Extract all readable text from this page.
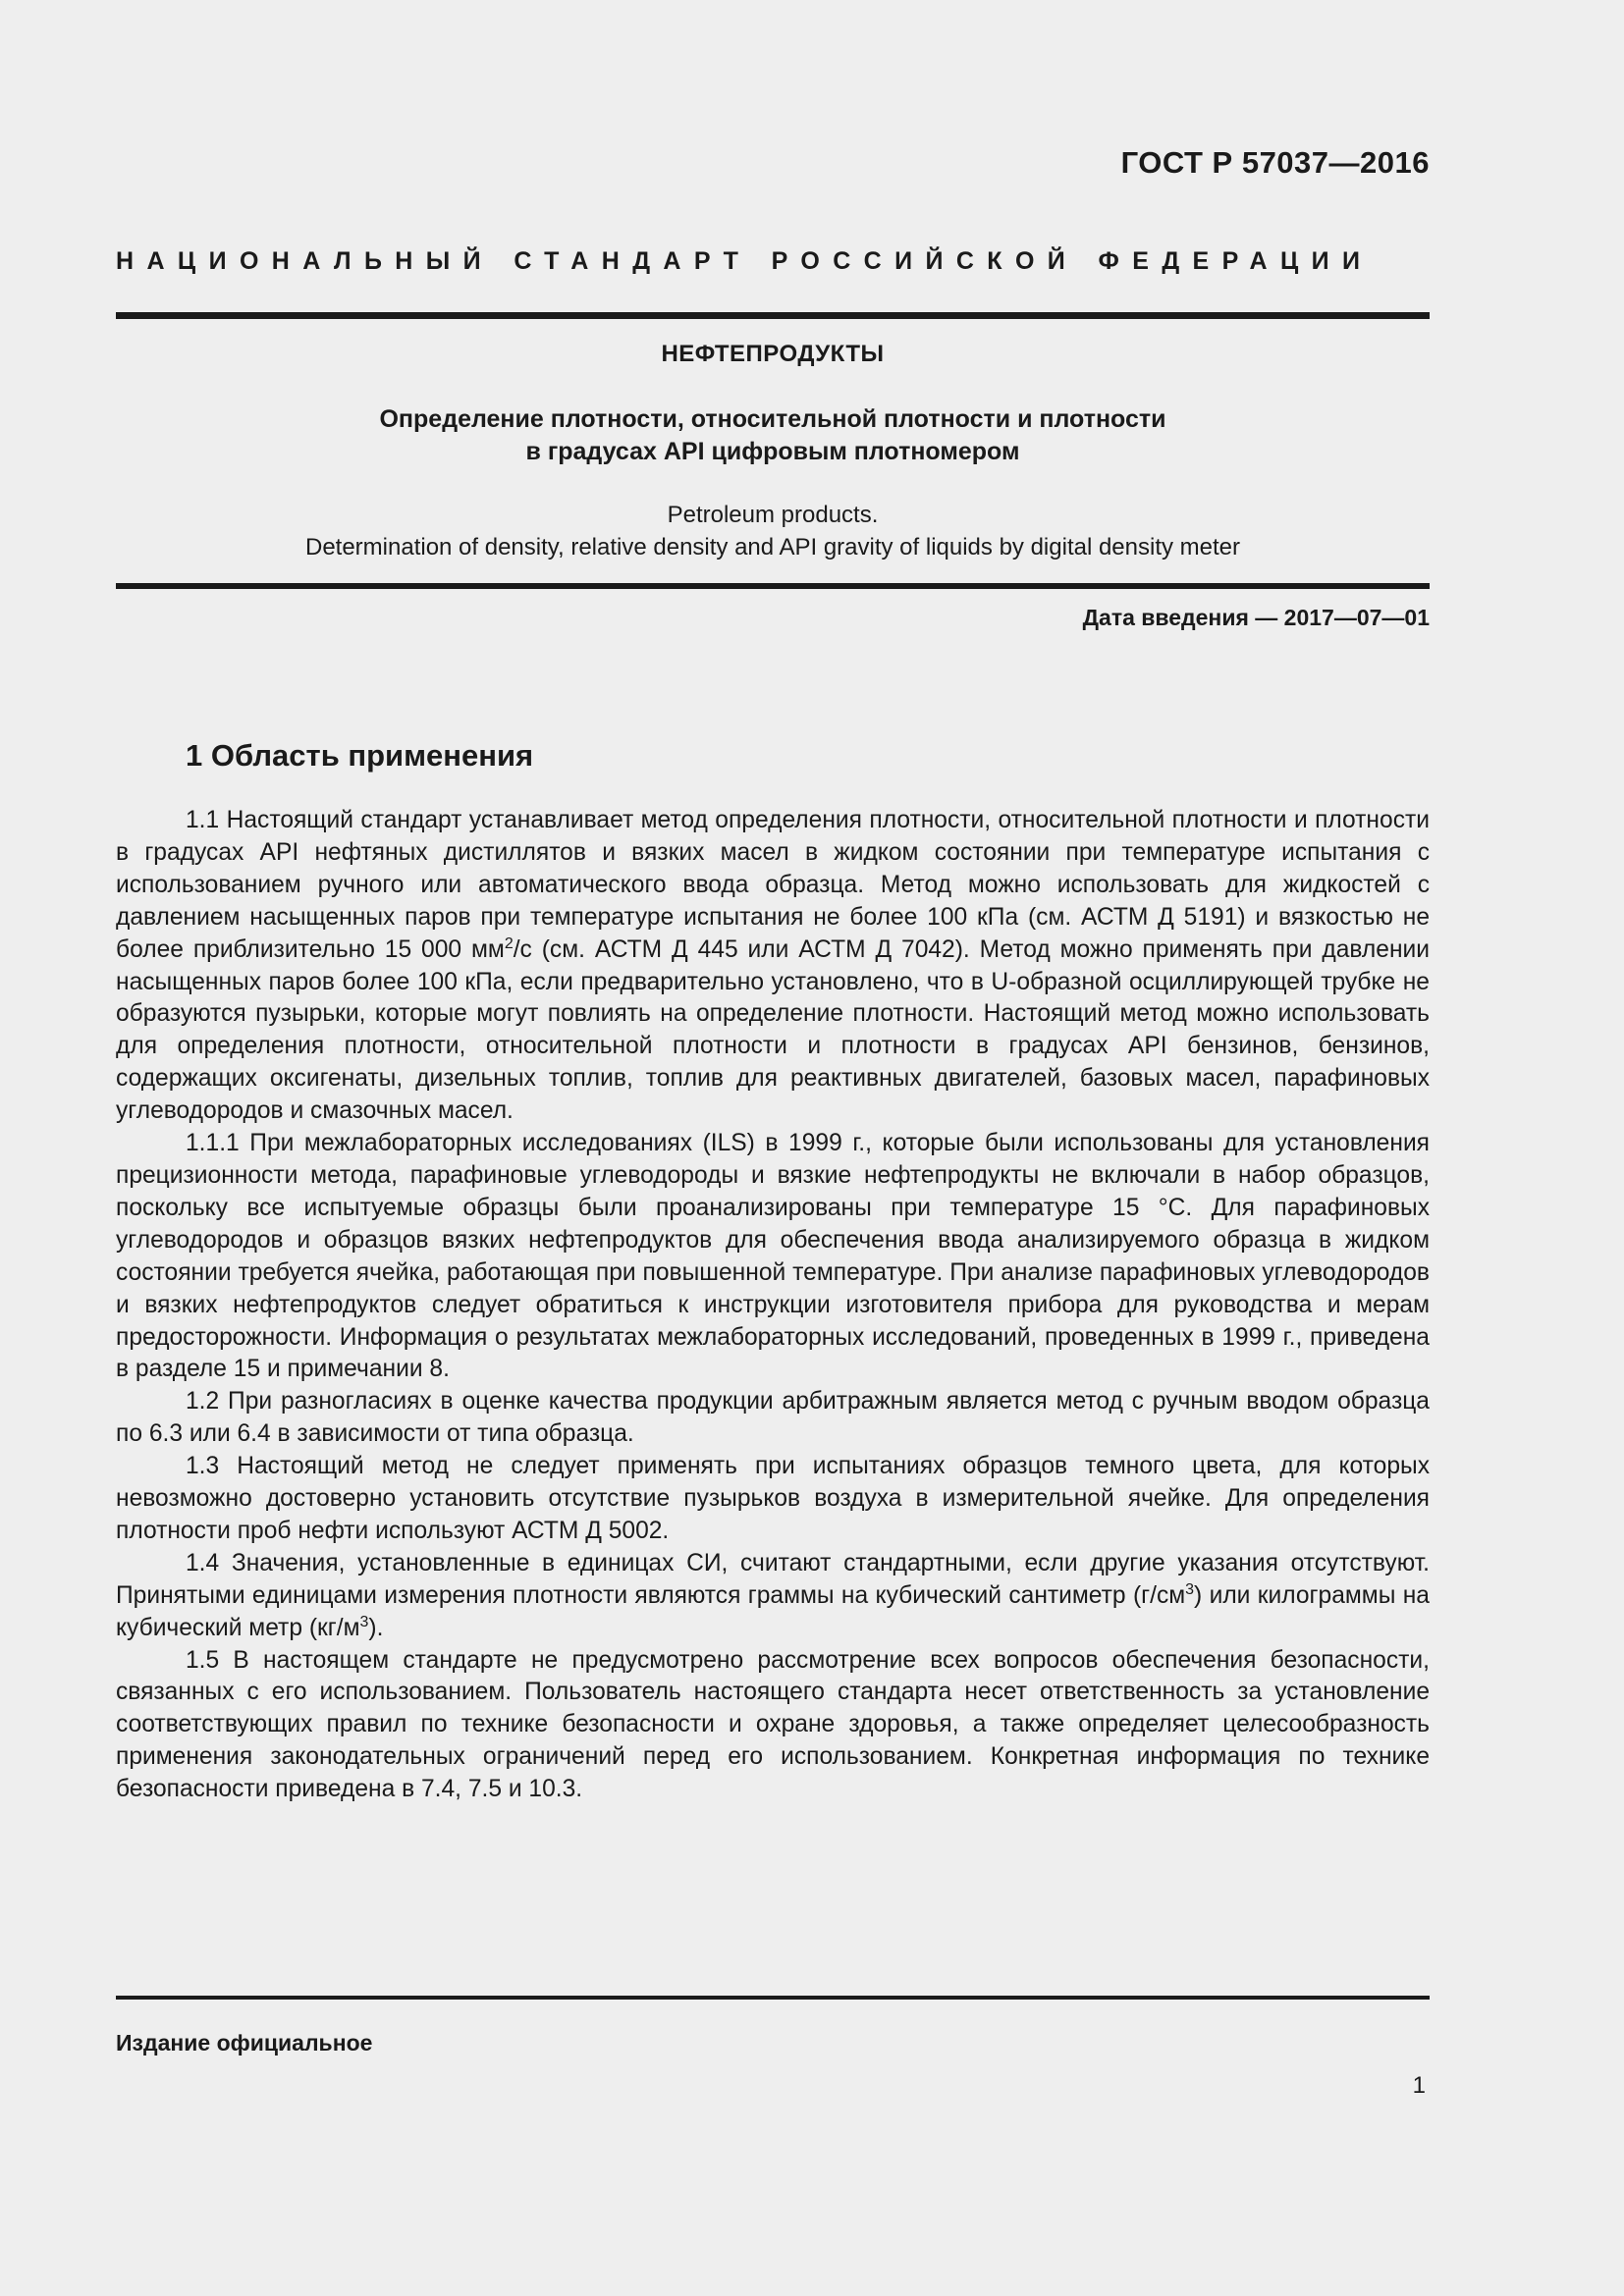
ГОСТ Р 57037—2016
НАЦИОНАЛЬНЫЙ СТАНДАРТ РОССИЙСКОЙ ФЕДЕРАЦИИ
НЕФТЕПРОДУКТЫ
Определение плотности, относительной плотности и плотности
в градусах API цифровым плотномером
Petroleum products.
Determination of density, relative density and API gravity of liquids by digital density meter
Дата введения — 2017—07—01
1 Область применения

1.1 Настоящий стандарт устанавливает метод определения плотности, относительной плотности и плотности в градусах API нефтяных дистиллятов и вязких масел в жидком состоянии при температуре испытания с использованием ручного или автоматического ввода образца. Метод можно использовать для жидкостей с давлением насыщенных паров при температуре испытания не более 100 кПа (см. АСТМ Д 5191) и вязкостью не более приблизительно 15 000 $мм^2/с$ (см. АСТМ Д 445 или АСТМ Д 7042). Метод можно применять при давлении насыщенных паров более 100 кПа, если предварительно установлено, что в U-образной осциллирующей трубке не образуются пузырьки, которые могут повлиять на определение плотности. Настоящий метод можно использовать для определения плотности, относительной плотности и плотности в градусах API бензинов, бензинов, содержащих оксигенаты, дизельных топлив, топлив для реактивных двигателей, базовых масел, парафиновых углеводородов и смазочных масел.

1.1.1 При межлабораторных исследованиях (ILS) в 1999 г., которые были использованы для установления прецизионности метода, парафиновые углеводороды и вязкие нефтепродукты не включали в набор образцов, поскольку все испытуемые образцы были проанализированы при температуре 15 °С. Для парафиновых углеводородов и образцов вязких нефтепродуктов для обеспечения ввода анализируемого образца в жидком состоянии требуется ячейка, работающая при повышенной температуре. При анализе парафиновых углеводородов и вязких нефтепродуктов следует обратиться к инструкции изготовителя прибора для руководства и мерам предосторожности. Информация о результатах межлабораторных исследований, проведенных в 1999 г., приведена в разделе 15 и примечании 8.

1.2 При разногласиях в оценке качества продукции арбитражным является метод с ручным вводом образца по 6.3 или 6.4 в зависимости от типа образца.

1.3 Настоящий метод не следует применять при испытаниях образцов темного цвета, для которых невозможно достоверно установить отсутствие пузырьков воздуха в измерительной ячейке. Для определения плотности проб нефти используют АСТМ Д 5002.

1.4 Значения, установленные в единицах СИ, считают стандартными, если другие указания отсутствуют. Принятыми единицами измерения плотности являются граммы на кубический сантиметр $(г/см^3)$ или килограммы на кубический метр $(кг/м^3)$.

1.5 В настоящем стандарте не предусмотрено рассмотрение всех вопросов обеспечения безопасности, связанных с его использованием. Пользователь настоящего стандарта несет ответственность за установление соответствующих правил по технике безопасности и охране здоровья, а также определяет целесообразность применения законодательных ограничений перед его использованием. Конкретная информация по технике безопасности приведена в 7.4, 7.5 и 10.3.

Издание официальное
1
